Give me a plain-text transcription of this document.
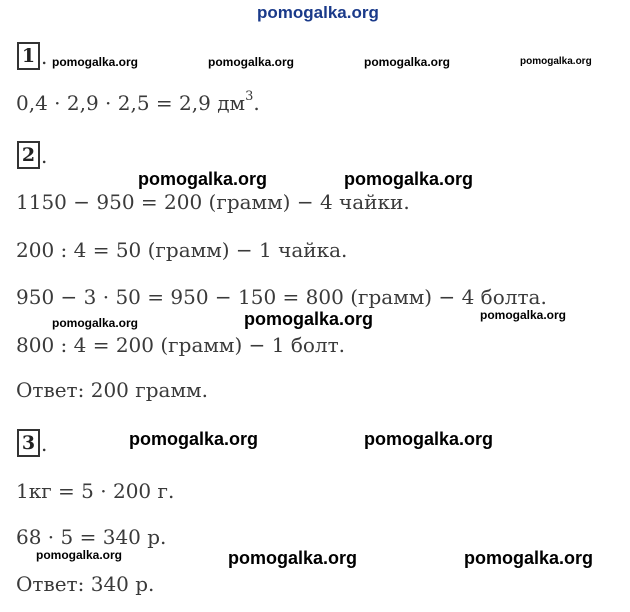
pomogalka.org
pomogalka.org	pomogalka.org	pomogalka.org	pomogalka.org
pomogalka.org	pomogalka.org
pomogalka.org	pomogalka.org	pomogalka.org
pomogalka.org	pomogalka.org
pomogalka.org	pomogalka.org	pomogalka.org
1 .
0,4 · 2,9 · 2,5 = 2,9 $дм^3$.
2 .
1150 − 950 = 200 (грамм) − 4 чайки.
200 : 4 = 50 (грамм) − 1 чайка.
950 − 3 · 50 = 950 − 150 = 800 (грамм) − 4 болта.
800 : 4 = 200 (грамм) − 1 болт.
Ответ: 200 грамм.
3 .
1кг = 5 · 200 г.
68 · 5 = 340 р.
Ответ: 340 р.
